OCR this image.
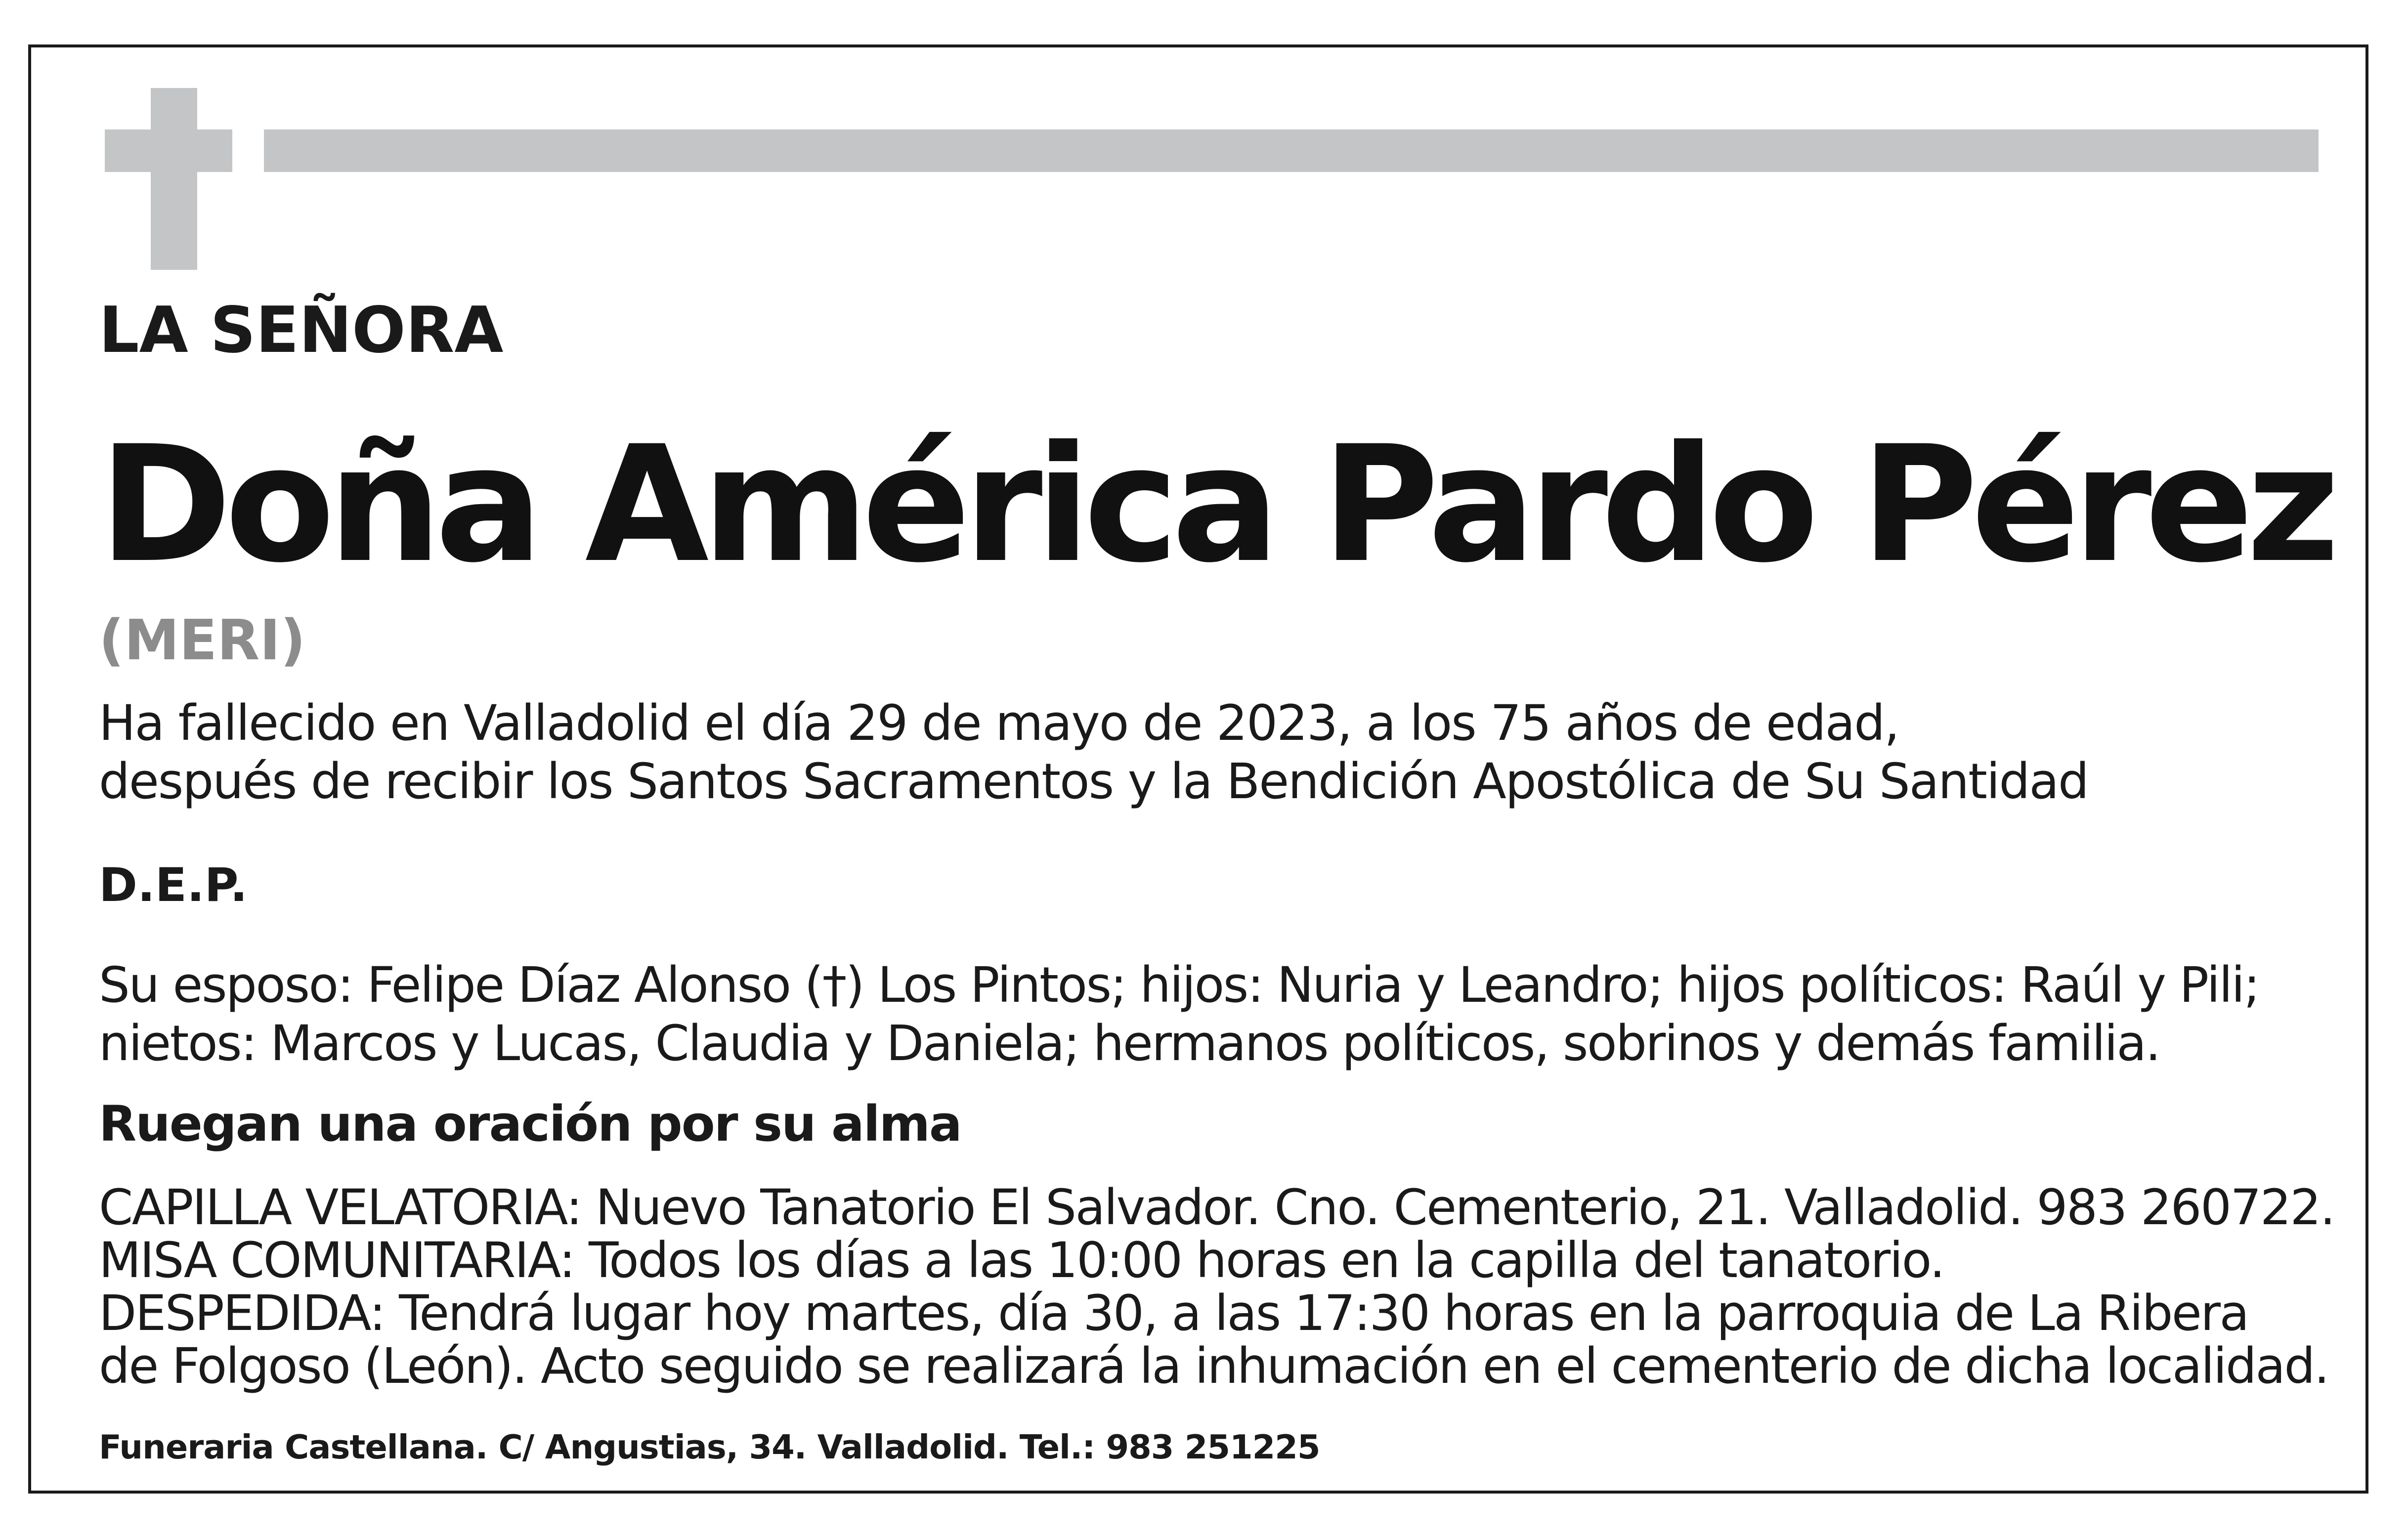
LA SEÑORA

Doña América Pardo Pérez

(MERI)

Ha fallecido en Valladolid el día 29 de mayo de 2023, a los 75 años de edad,
después de recibir los Santos Sacramentos y la Bendición Apostólica de Su Santidad

D.E.P.

Su esposo: Felipe Díaz Alonso (†) Los Pintos; hijos: Nuria y Leandro; hijos políticos: Raúl y Pili;
nietos: Marcos y Lucas, Claudia y Daniela; hermanos políticos, sobrinos y demás familia.

Ruegan una oración por su alma

CAPILLA VELATORIA: Nuevo Tanatorio El Salvador. Cno. Cementerio, 21. Valladolid. 983 260722.
MISA COMUNITARIA: Todos los días a las 10:00 horas en la capilla del tanatorio.
DESPEDIDA: Tendrá lugar hoy martes, día 30, a las 17:30 horas en la parroquia de La Ribera
de Folgoso (León). Acto seguido se realizará la inhumación en el cementerio de dicha localidad.

Funeraria Castellana. C/ Angustias, 34. Valladolid. Tel.: 983 251225
